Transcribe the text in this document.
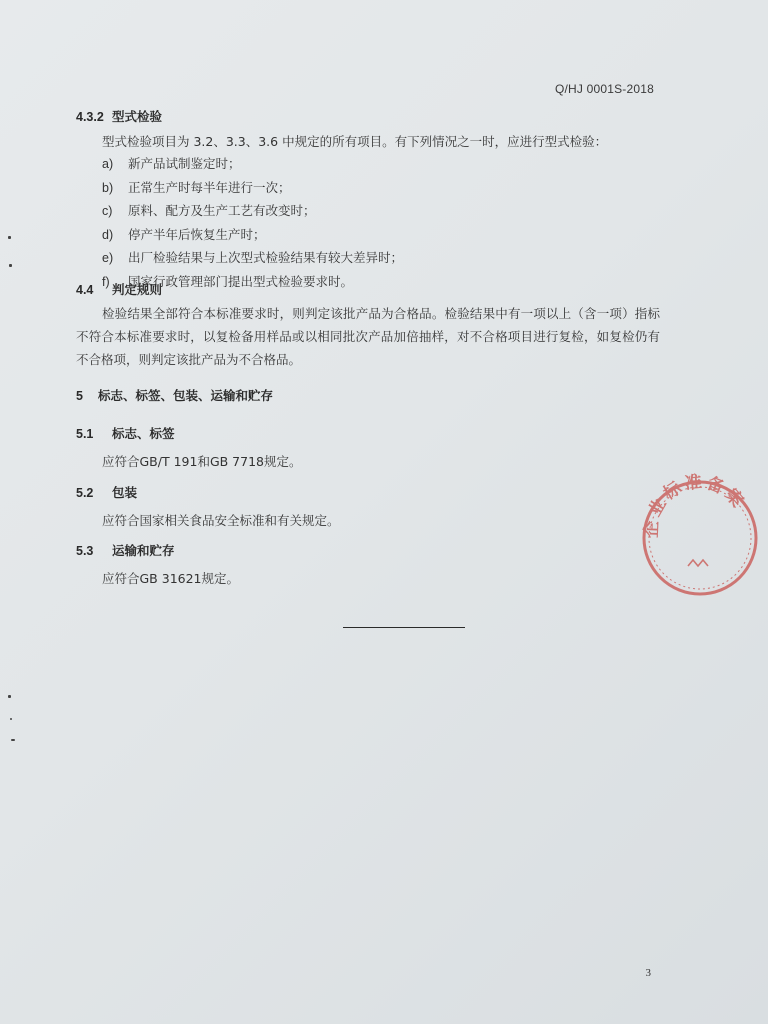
Q/HJ 0001S-2018
4.3.2 型式检验
型式检验项目为 3.2、3.3、3.6 中规定的所有项目。有下列情况之一时，应进行型式检验：
a) 新产品试制鉴定时；
b) 正常生产时每半年进行一次；
c) 原料、配方及生产工艺有改变时；
d) 停产半年后恢复生产时；
e) 出厂检验结果与上次型式检验结果有较大差异时；
f) 国家行政管理部门提出型式检验要求时。
4.4 判定规则
检验结果全部符合本标准要求时，则判定该批产品为合格品。检验结果中有一项以上（含一项）指标不符合本标准要求时，以复检备用样品或以相同批次产品加倍抽样，对不合格项目进行复检，如复检仍有不合格项，则判定该批产品为不合格品。
5 标志、标签、包装、运输和贮存
5.1 标志、标签
应符合GB/T 191和GB 7718规定。
5.2 包装
应符合国家相关食品安全标准和有关规定。
5.3 运输和贮存
应符合GB 31621规定。
企业标准备案
3
